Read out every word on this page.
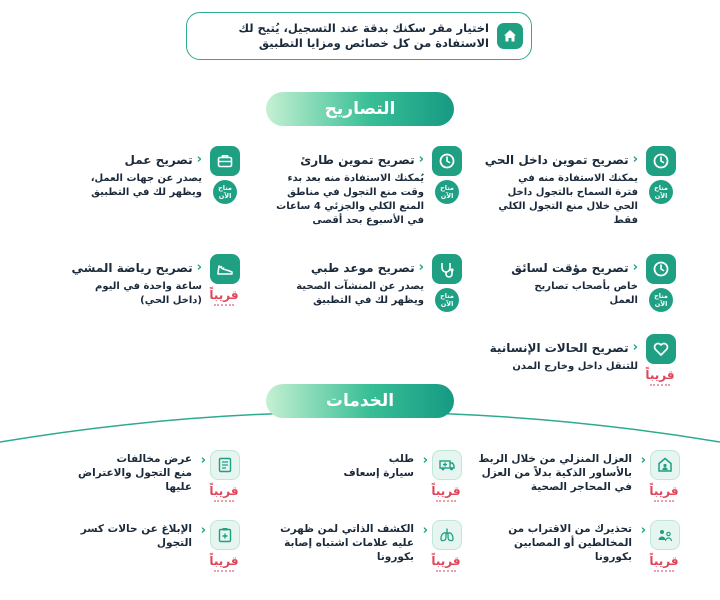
اختيار مقر سكنك بدقة عند التسجيل، يُتيح لك
الاستفادة من كل خصائص ومزايا التطبيق
التصاريح
‹
تصريح تموين داخل الحي
يمكنك الاستفادة منه في
فترة السماح بالتجول داخل
الحي خلال منع التجول الكلي
فقط
متاح
الآن
‹
تصريح تموين طارئ
يُمكنك الاستفادة منه بعد بدء
وقت منع التجول في مناطق
المنع الكلي والجزئي 4 ساعات
في الأسبوع بحد أقصى
متاح
الآن
‹
تصريح عمل
يصدر عن جهات العمل،
ويظهر لك في التطبيق	متاح
الآن
‹
تصريح مؤقت لسائق
خاص بأصحاب تصاريح
العمل	متاح
الآن
‹
تصريح موعد طبي
يصدر عن المنشآت الصحية
ويظهر لك في التطبيق	متاح
الآن
‹
تصريح رياضة المشي
ساعة واحدة في اليوم
(داخل الحي)	قريباً
‹
تصريح الحالات الإنسانية
للتنقل داخل وخارج المدن
قريباً
الخدمات
‹
العزل المنزلي من خلال الربط
بالأساور الذكية بدلاً من العزل
في المحاجر الصحية	قريباً
‹
طلب
سيارة إسعاف
قريباً
‹
عرض مخالفات
منع التجول والاعتراض
عليها قريباً
‹
تحذيرك من الاقتراب من
المخالطين أو المصابين
بكورونا قريباً
‹
الكشف الذاتي لمن ظهرت
عليه علامات اشتباه إصابة
بكورونا قريباً
‹
الإبلاغ عن حالات كسر
التجول
قريباً
